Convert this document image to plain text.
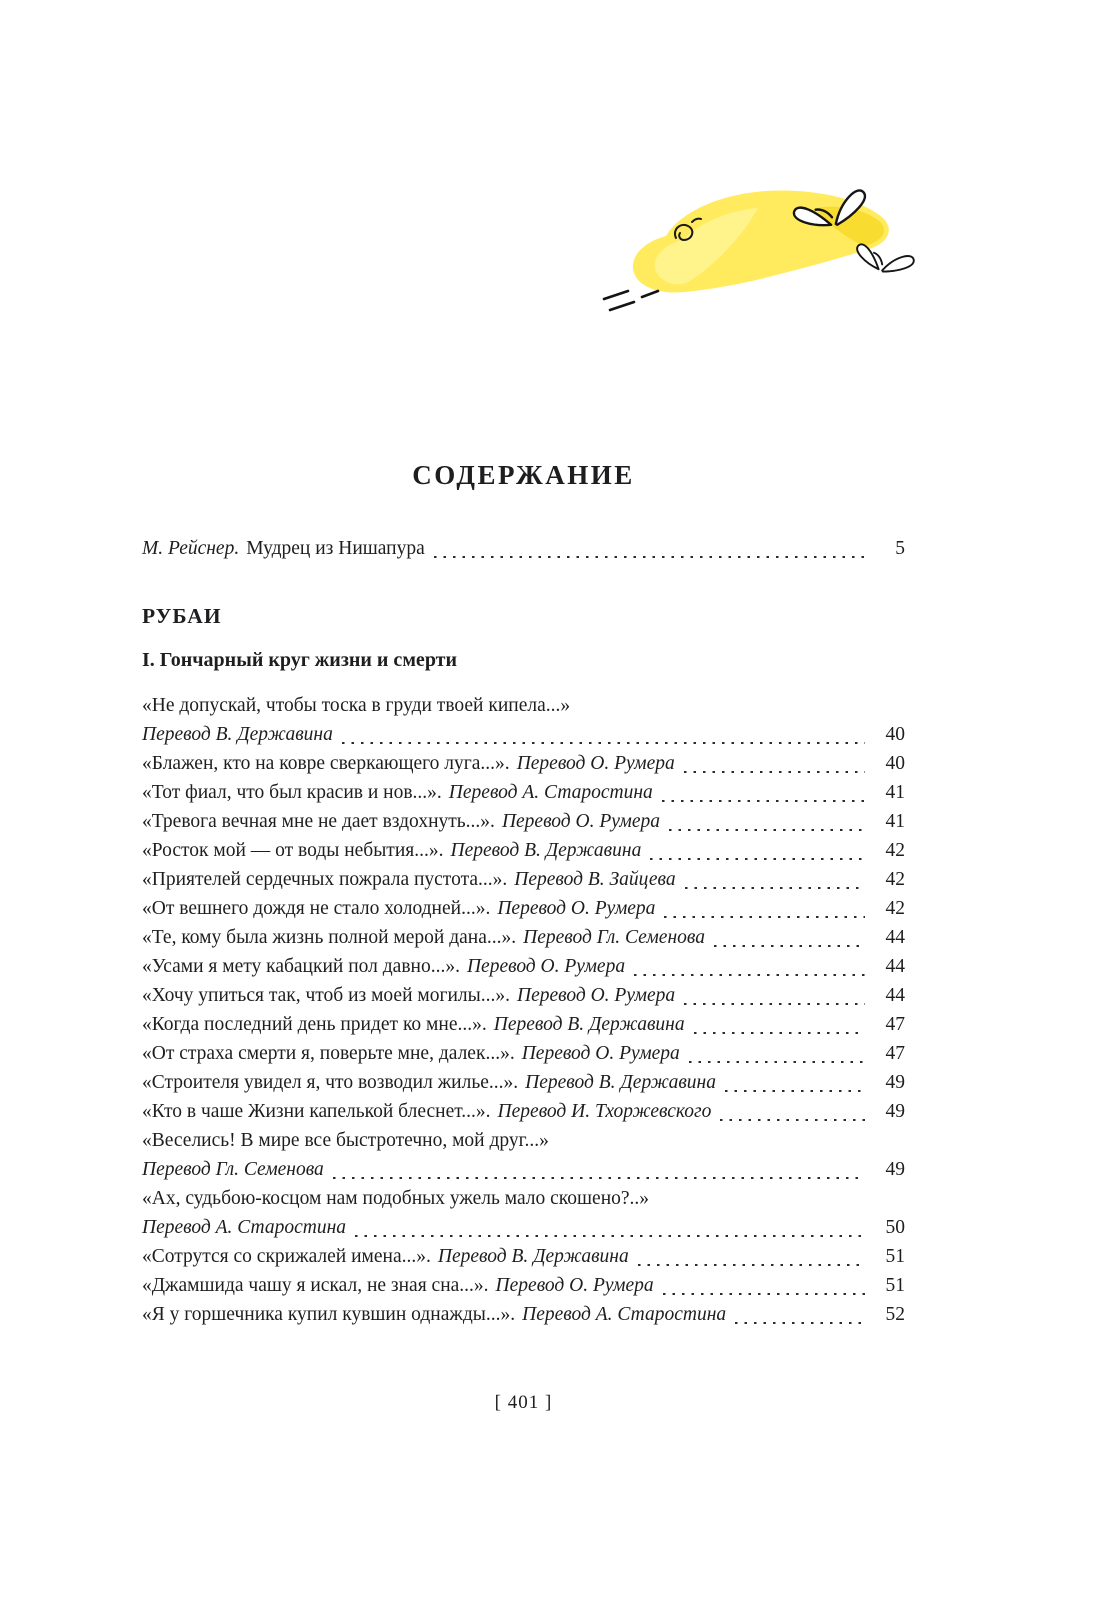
СОДЕРЖАНИЕ
М. Рейснер. Мудрец из Нишапура	5
РУБАИ
I. Гончарный круг жизни и смерти
«Не допускай, чтобы тоска в груди твоей кипела...»
Перевод В. Державина	40
«Блажен, кто на ковре сверкающего луга...». Перевод О. Румера	40
«Тот фиал, что был красив и нов...». Перевод А. Старостина	41
«Тревога вечная мне не дает вздохнуть...». Перевод О. Румера	41
«Росток мой — от воды небытия...». Перевод В. Державина	42
«Приятелей сердечных пожрала пустота...». Перевод В. Зайцева	42
«От вешнего дождя не стало холодней...». Перевод О. Румера	42
«Те, кому была жизнь полной мерой дана...». Перевод Гл. Семенова	44
«Усами я мету кабацкий пол давно...». Перевод О. Румера	44
«Хочу упиться так, чтоб из моей могилы...». Перевод О. Румера	44
«Когда последний день придет ко мне...». Перевод В. Державина	47
«От страха смерти я, поверьте мне, далек...». Перевод О. Румера	47
«Строителя увидел я, что возводил жилье...». Перевод В. Державина	49
«Кто в чаше Жизни капелькой блеснет...». Перевод И. Тхоржевского	49
«Веселись! В мире все быстротечно, мой друг...»
Перевод Гл. Семенова	49
«Ах, судьбою-косцом нам подобных ужель мало скошено?..»
Перевод А. Старостина	50
«Сотрутся со скрижалей имена...». Перевод В. Державина	51
«Джамшида чашу я искал, не зная сна...». Перевод О. Румера	51
«Я у горшечника купил кувшин однажды...». Перевод А. Старостина	52
[ 401 ]
